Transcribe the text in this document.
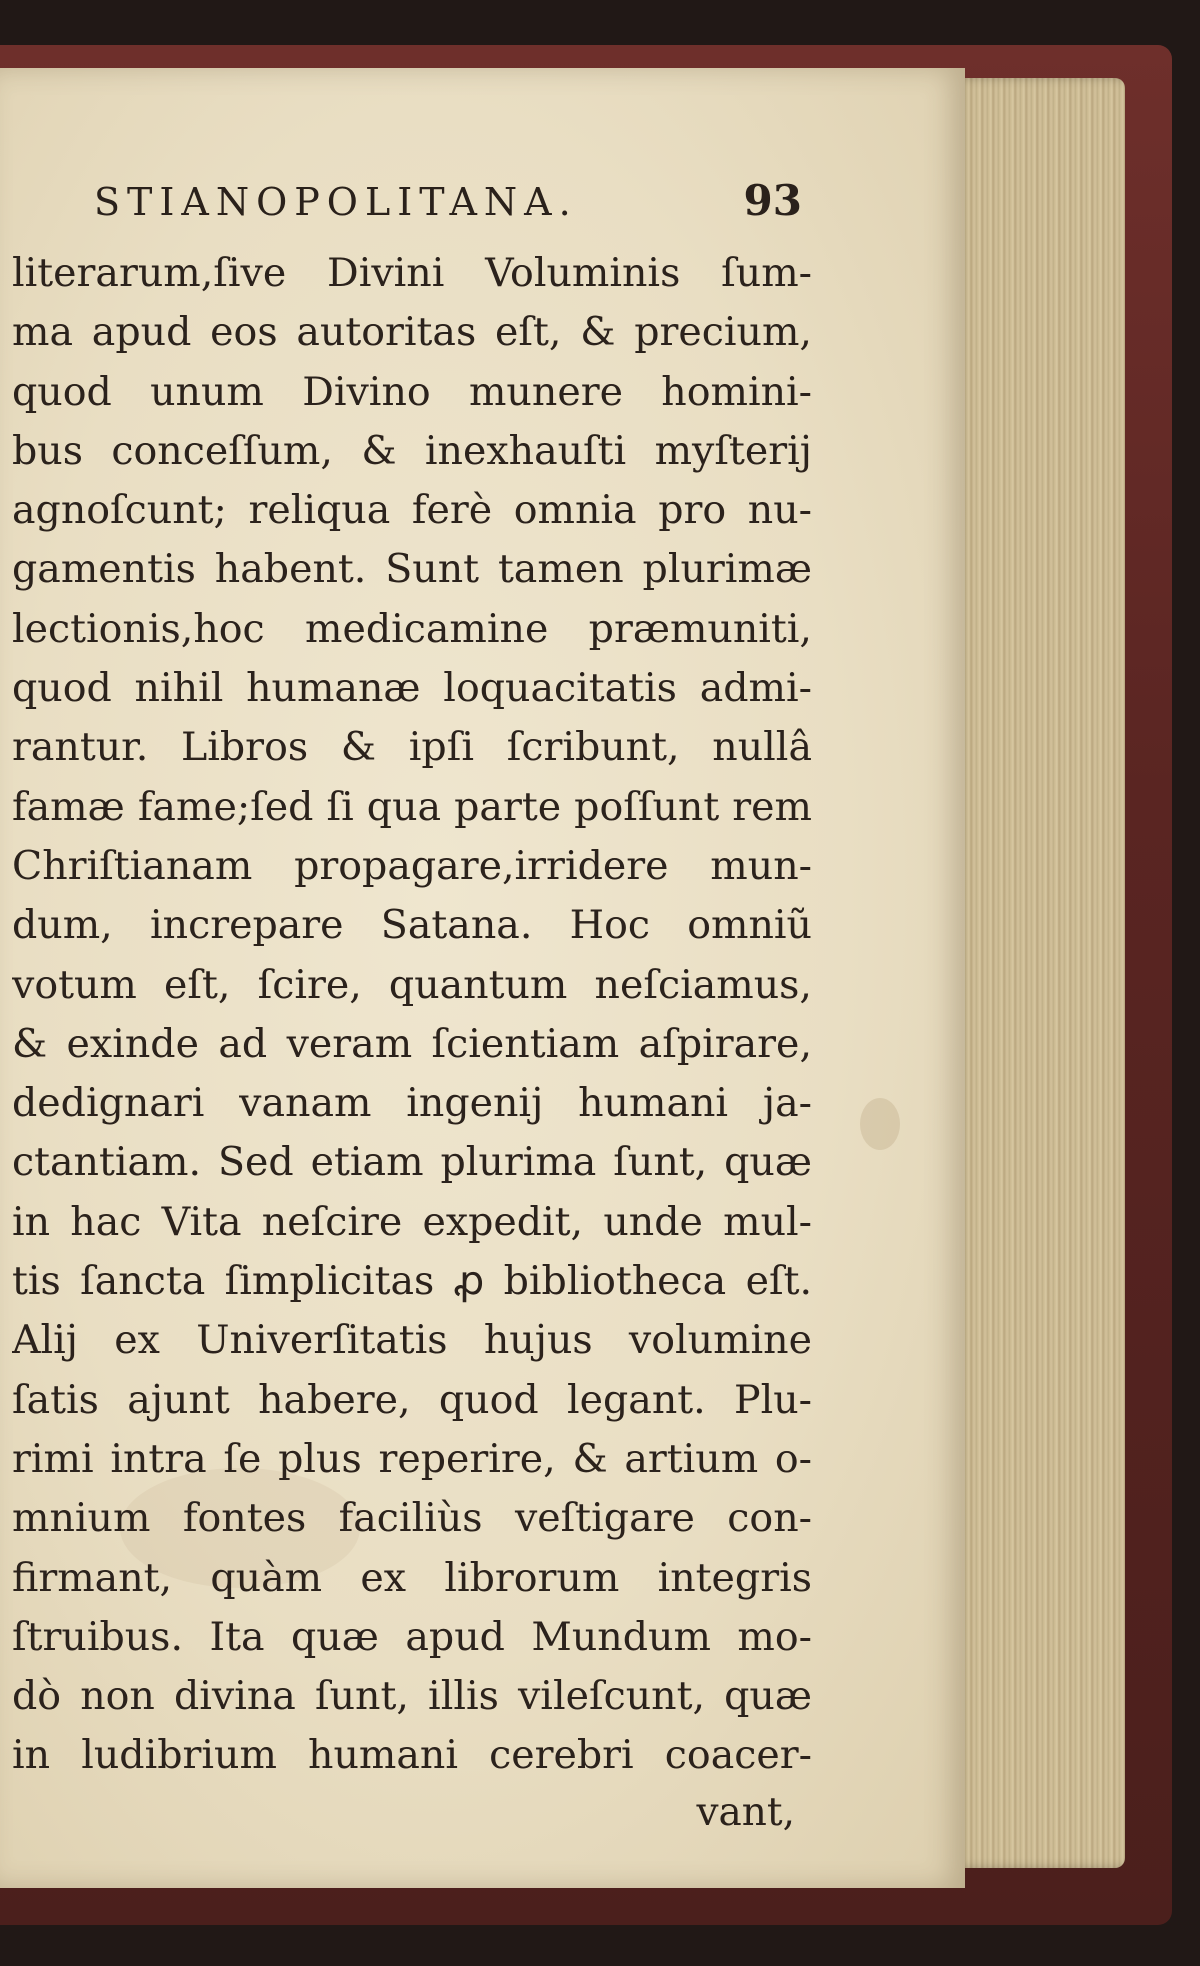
STIANOPOLITANA.	93
literarum,ſive Divini Voluminis ſum-
ma apud eos autoritas eſt, & precium,
quod unum Divino munere homini-
bus conceſſum, & inexhauſti myſterij
agnoſcunt; reliqua ferè omnia pro nu-
gamentis habent. Sunt tamen plurimæ
lectionis,hoc medicamine præmuniti,
quod nihil humanæ loquacitatis admi-
rantur. Libros & ipſi ſcribunt, nullâ
famæ fame;ſed ſi qua parte poſſunt rem
Chriſtianam propagare,irridere mun-
dum, increpare Satana. Hoc omniũ
votum eſt, ſcire, quantum neſciamus,
& exinde ad veram ſcientiam aſpirare,
dedignari vanam ingenij humani ja-
ctantiam. Sed etiam plurima ſunt, quæ
in hac Vita neſcire expedit, unde mul-
tis ſancta ſimplicitas ꝓ bibliotheca eſt.
Alij ex Univerſitatis hujus volumine
ſatis ajunt habere, quod legant. Plu-
rimi intra ſe plus reperire, & artium o-
mnium fontes faciliùs veſtigare con-
firmant, quàm ex librorum integris
ſtruibus. Ita quæ apud Mundum mo-
dò non divina ſunt, illis vileſcunt, quæ
in ludibrium humani cerebri coacer-
vant,
